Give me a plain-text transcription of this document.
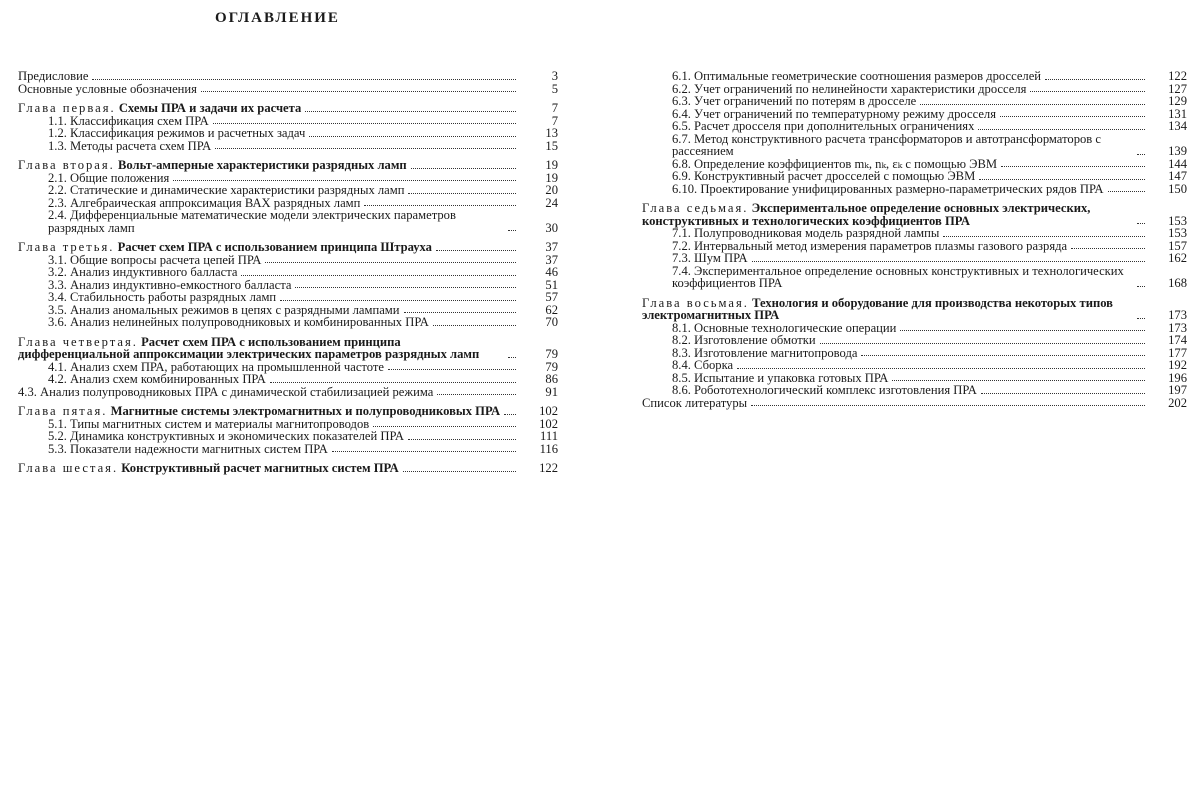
ОГЛАВЛЕНИЕ
Предисловие	3
Основные условные обозначения	5
Глава первая. Схемы ПРА и задачи их расчета	7
1.1. Классификация схем ПРА	7
1.2. Классификация режимов и расчетных задач	13
1.3. Методы расчета схем ПРА	15
Глава вторая. Вольт-амперные характеристики разрядных ламп	19
2.1. Общие положения	19
2.2. Статические и динамические характеристики разрядных ламп	20
2.3. Алгебраическая аппроксимация ВАХ разрядных ламп	24
2.4. Дифференциальные математические модели электрических параметров разрядных ламп	30
Глава третья. Расчет схем ПРА с использованием принципа Штрауха	37
3.1. Общие вопросы расчета цепей ПРА	37
3.2. Анализ индуктивного балласта	46
3.3. Анализ индуктивно-емкостного балласта	51
3.4. Стабильность работы разрядных ламп	57
3.5. Анализ аномальных режимов в цепях с разрядными лампами	62
3.6. Анализ нелинейных полупроводниковых и комбинированных ПРА	70
Глава четвертая. Расчет схем ПРА с использованием принципа дифференциальной аппроксимации электрических параметров разрядных ламп	79
4.1. Анализ схем ПРА, работающих на промышленной частоте	79
4.2. Анализ схем комбинированных ПРА	86
4.3. Анализ полупроводниковых ПРА с динамической стабилизацией режима	91
Глава пятая. Магнитные системы электромагнитных и полупроводниковых ПРА	102
5.1. Типы магнитных систем и материалы магнитопроводов	102
5.2. Динамика конструктивных и экономических показателей ПРА	111
5.3. Показатели надежности магнитных систем ПРА	116
Глава шестая. Конструктивный расчет магнитных систем ПРА	122
6.1. Оптимальные геометрические соотношения размеров дросселей	122
6.2. Учет ограничений по нелинейности характеристики дросселя	127
6.3. Учет ограничений по потерям в дросселе	129
6.4. Учет ограничений по температурному режиму дросселя	131
6.5. Расчет дросселя при дополнительных ограничениях	134
6.7. Метод конструктивного расчета трансформаторов и автотрансформаторов с рассеянием	139
6.8. Определение коэффициентов mₖ, nₖ, εₖ с помощью ЭВМ	144
6.9. Конструктивный расчет дросселей с помощью ЭВМ	147
6.10. Проектирование унифицированных размерно-параметрических рядов ПРА	150
Глава седьмая. Экспериментальное определение основных электрических, конструктивных и технологических коэффициентов ПРА	153
7.1. Полупроводниковая модель разрядной лампы	153
7.2. Интервальный метод измерения параметров плазмы газового разряда	157
7.3. Шум ПРА	162
7.4. Экспериментальное определение основных конструктивных и технологических коэффициентов ПРА	168
Глава восьмая. Технология и оборудование для производства некоторых типов электромагнитных ПРА	173
8.1. Основные технологические операции	173
8.2. Изготовление обмотки	174
8.3. Изготовление магнитопровода	177
8.4. Сборка	192
8.5. Испытание и упаковка готовых ПРА	196
8.6. Робототехнологический комплекс изготовления ПРА	197
Список литературы	202
